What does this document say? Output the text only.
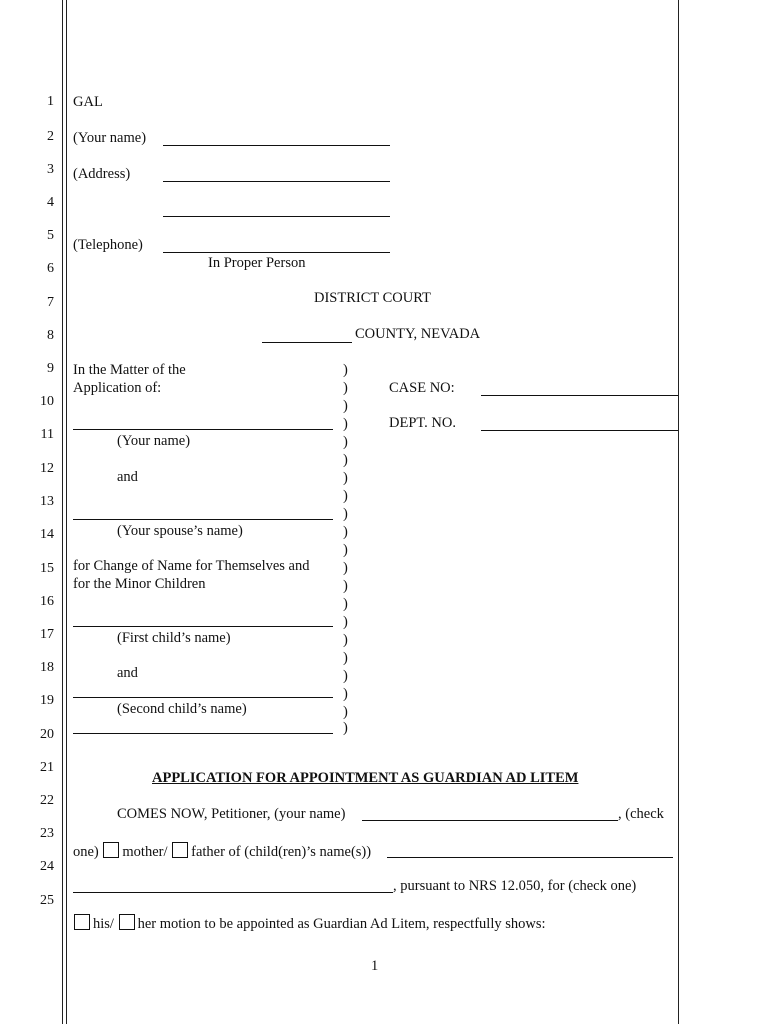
1
2
3
4
5
6
7
8
9
10
11
12
13
14
15
16
17
18
19
20
21
22
23
24
25
GAL
(Your name)
(Address)
(Telephone)
In Proper Person
DISTRICT COURT
COUNTY, NEVADA
In the Matter of the
Application of:
(Your name)
and
(Your spouse’s name)
for Change of Name for Themselves and
for the Minor Children
(First child’s name)
and
(Second child’s name)
)
)
)
)
)
)
)
)
)
)
)
)
)
)
)
)
)
)
)
)
)
CASE NO:
DEPT. NO.
APPLICATION FOR APPOINTMENT AS GUARDIAN AD LITEM
COMES NOW, Petitioner, (your name)	, (check
one) mother/ father of (child(ren)’s name(s))
, pursuant to NRS 12.050, for (check one)
his/ her motion to be appointed as Guardian Ad Litem, respectfully shows:
1
